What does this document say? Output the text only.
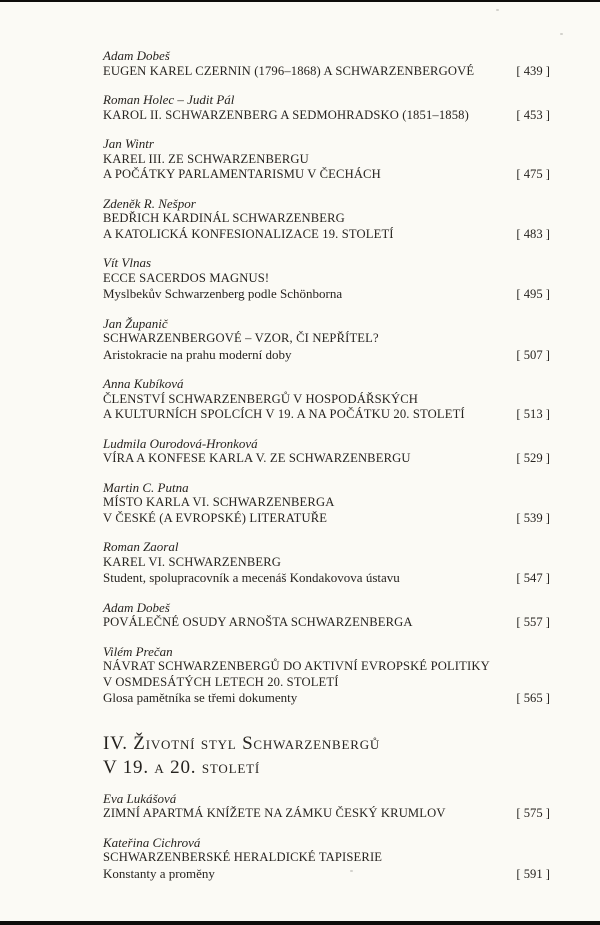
Adam Dobeš
EUGEN KAREL CZERNIN (1796–1868) A SCHWARZENBERGOVÉ	[ 439 ]
Roman Holec – Judit Pál
KAROL II. SCHWARZENBERG A SEDMOHRADSKO (1851–1858)	[ 453 ]
Jan Wintr
KAREL III. ZE SCHWARZENBERGU
A POČÁTKY PARLAMENTARISMU V ČECHÁCH	[ 475 ]
Zdeněk R. Nešpor
BEDŘICH KARDINÁL SCHWARZENBERG
A KATOLICKÁ KONFESIONALIZACE 19. STOLETÍ	[ 483 ]
Vít Vlnas
ECCE SACERDOS MAGNUS!
Myslbekův Schwarzenberg podle Schönborna	[ 495 ]
Jan Županič
SCHWARZENBERGOVÉ – VZOR, ČI NEPŘÍTEL?
Aristokracie na prahu moderní doby	[ 507 ]
Anna Kubíková
ČLENSTVÍ SCHWARZENBERGŮ V HOSPODÁŘSKÝCH
A KULTURNÍCH SPOLCÍCH V 19. A NA POČÁTKU 20. STOLETÍ	[ 513 ]
Ludmila Ourodová-Hronková
VÍRA A KONFESE KARLA V. ZE SCHWARZENBERGU	[ 529 ]
Martin C. Putna
MÍSTO KARLA VI. SCHWARZENBERGA
V ČESKÉ (A EVROPSKÉ) LITERATUŘE	[ 539 ]
Roman Zaoral
KAREL VI. SCHWARZENBERG
Student, spolupracovník a mecenáš Kondakovova ústavu	[ 547 ]
Adam Dobeš
POVÁLEČNÉ OSUDY ARNOŠTA SCHWARZENBERGA	[ 557 ]
Vilém Prečan
NÁVRAT SCHWARZENBERGŮ DO AKTIVNÍ EVROPSKÉ POLITIKY
V OSMDESÁTÝCH LETECH 20. STOLETÍ
Glosa pamětníka se třemi dokumenty	[ 565 ]
IV. Životní styl Schwarzenbergů
V 19. a 20. století
Eva Lukášová
ZIMNÍ APARTMÁ KNÍŽETE NA ZÁMKU ČESKÝ KRUMLOV	[ 575 ]
Kateřina Cichrová
SCHWARZENBERSKÉ HERALDICKÉ TAPISERIE
Konstanty a proměny	[ 591 ]
